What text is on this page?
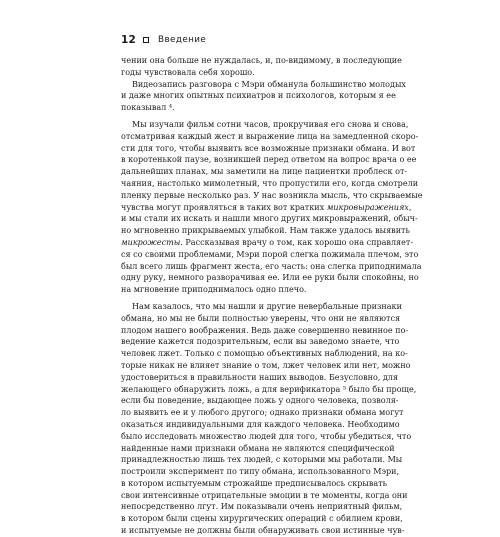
12	Введение
чении она больше не нуждалась, и, по-видимому, в последующие
годы чувствовала себя хорошо.
Видеозапись разговора с Мэри обманула большинство молодых
и даже многих опытных психиатров и психологов, которым я ее
показывал ⁴.
Мы изучали фильм сотни часов, прокручивая его снова и снова,
отсматривая каждый жест и выражение лица на замедленной скоро-
сти для того, чтобы выявить все возможные признаки обмана. И вот
в коротенькой паузе, возникшей перед ответом на вопрос врача о ее
дальнейших планах, мы заметили на лице пациентки проблеск от-
чаяния, настолько мимолетный, что пропустили его, когда смотрели
пленку первые несколько раз. У нас возникла мысль, что скрываемые
чувства могут проявляться в таких вот кратких микровыражениях,
и мы стали их искать и нашли много других микровыражений, обыч-
но мгновенно прикрываемых улыбкой. Нам также удалось выявить
микрожесты. Рассказывая врачу о том, как хорошо она справляет-
ся со своими проблемами, Мэри порой слегка пожимала плечом, это
был всего лишь фрагмент жеста, его часть: она слегка приподнимала
одну руку, немного разворачивая ее. Или ее руки были спокойны, но
на мгновение приподнималось одно плечо.
Нам казалось, что мы нашли и другие невербальные признаки
обмана, но мы не были полностью уверены, что они не являются
плодом нашего воображения. Ведь даже совершенно невинное по-
ведение кажется подозрительным, если вы заведомо знаете, что
человек лжет. Только с помощью объективных наблюдений, на ко-
торые никак не влияет знание о том, лжет человек или нет, можно
удостовериться в правильности наших выводов. Безусловно, для
желающего обнаружить ложь, а для верификатора ⁵ было бы проще,
если бы поведение, выдающее ложь у одного человека, позволя-
ло выявить ее и у любого другого; однако признаки обмана могут
оказаться индивидуальными для каждого человека. Необходимо
было исследовать множество людей для того, чтобы убедиться, что
найденные нами признаки обмана не являются специфической
принадлежностью лишь тех людей, с которыми мы работали. Мы
построили эксперимент по типу обмана, использованного Мэри,
в котором испытуемым строжайше предписывалось скрывать
свои интенсивные отрицательные эмоции в те моменты, когда они
непосредственно лгут. Им показывали очень неприятный фильм,
в котором были сцены хирургических операций с обилием крови,
и испытуемые не должны были обнаруживать свои истинные чув-
